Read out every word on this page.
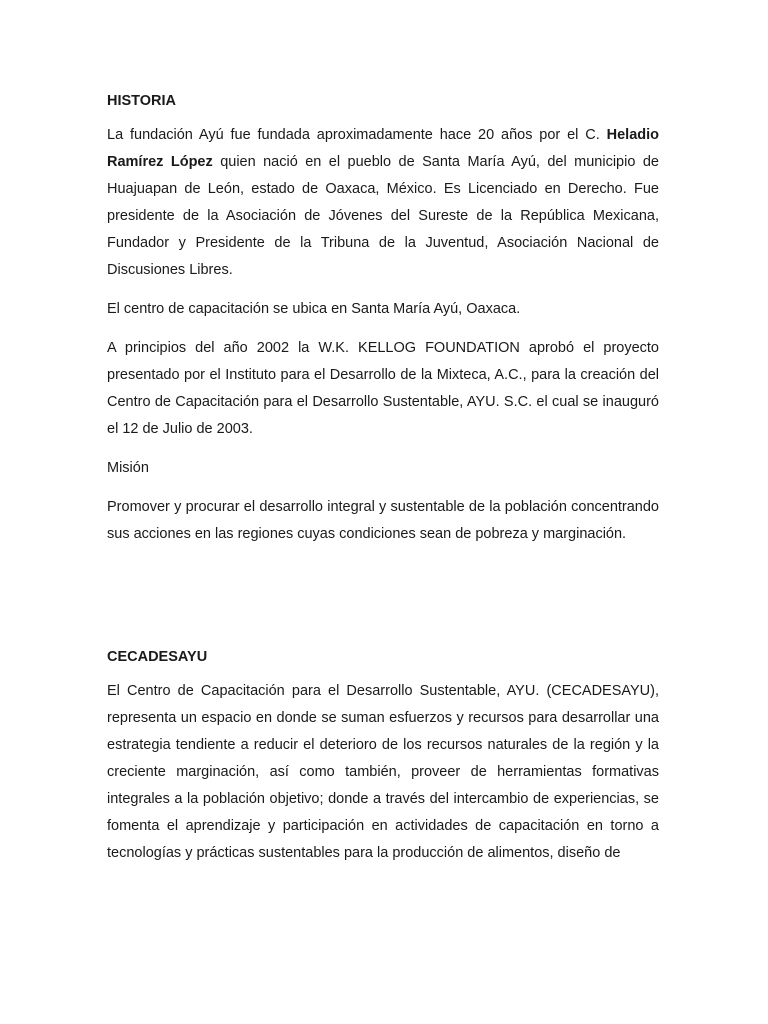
HISTORIA

La fundación Ayú fue fundada aproximadamente hace 20 años por el C. Heladio Ramírez López quien nació en el pueblo de Santa María Ayú, del municipio de Huajuapan de León, estado de Oaxaca, México. Es Licenciado en Derecho. Fue presidente de la Asociación de Jóvenes del Sureste de la República Mexicana, Fundador y Presidente de la Tribuna de la Juventud, Asociación Nacional de Discusiones Libres.

El centro de capacitación se ubica en Santa María Ayú, Oaxaca.

A principios del año 2002 la W.K. KELLOG FOUNDATION aprobó el proyecto presentado por el Instituto para el Desarrollo de la Mixteca, A.C., para la creación del Centro de Capacitación para el Desarrollo Sustentable, AYU. S.C. el cual se inauguró el 12 de Julio de 2003.

Misión

Promover y procurar el desarrollo integral y sustentable de la población concentrando sus acciones en las regiones cuyas condiciones sean de pobreza y marginación.

CECADESAYU

El Centro de Capacitación para el Desarrollo Sustentable, AYU. (CECADESAYU), representa un espacio en donde se suman esfuerzos y recursos para desarrollar una estrategia tendiente a reducir el deterioro de los recursos naturales de la región y la creciente marginación, así como también, proveer de herramientas formativas integrales a la población objetivo; donde a través del intercambio de experiencias, se fomenta el aprendizaje y participación en actividades de capacitación en torno a tecnologías y prácticas sustentables para la producción de alimentos, diseño de
